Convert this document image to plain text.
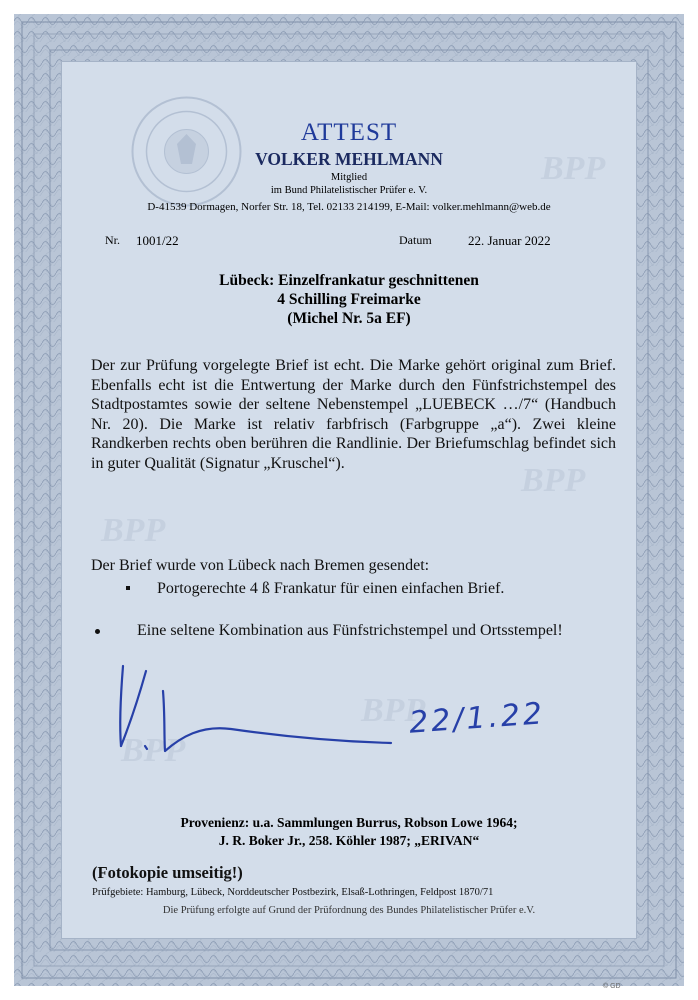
BPP
BPP
BPP
BPP
BPP
ATTEST
VOLKER MEHLMANN
Mitglied
im Bund Philatelistischer Prüfer e. V.
D-41539 Dormagen, Norfer Str. 18, Tel. 02133 214199, E-Mail: volker.mehlmann@web.de
Nr. 1001/22	Datum	22. Januar 2022
Lübeck: Einzelfrankatur geschnittenen
4 Schilling Freimarke
(Michel Nr. 5a EF)
Der zur Prüfung vorgelegte Brief ist echt. Die Marke gehört original zum Brief. Ebenfalls echt ist die Entwertung der Marke durch den Fünfstrichstempel des Stadtpostamtes sowie der seltene Nebenstempel „LUEBECK …/7“ (Handbuch Nr. 20). Die Marke ist relativ farbfrisch (Farbgruppe „a“). Zwei kleine Randkerben rechts oben berühren die Randlinie. Der Briefumschlag befindet sich in guter Qualität (Signatur „Kruschel“).
Der Brief wurde von Lübeck nach Bremen gesendet:
Portogerechte 4 ß Frankatur für einen einfachen Brief.
Eine seltene Kombination aus Fünfstrichstempel und Ortsstempel!
22/1.22
Provenienz: u.a. Sammlungen Burrus, Robson Lowe 1964;
J. R. Boker Jr., 258. Köhler 1987; „ERIVAN“
(Fotokopie umseitig!)
Prüfgebiete: Hamburg, Lübeck, Norddeutscher Postbezirk, Elsaß-Lothringen, Feldpost 1870/71
Die Prüfung erfolgte auf Grund der Prüfordnung des Bundes Philatelistischer Prüfer e.V.
© GD
